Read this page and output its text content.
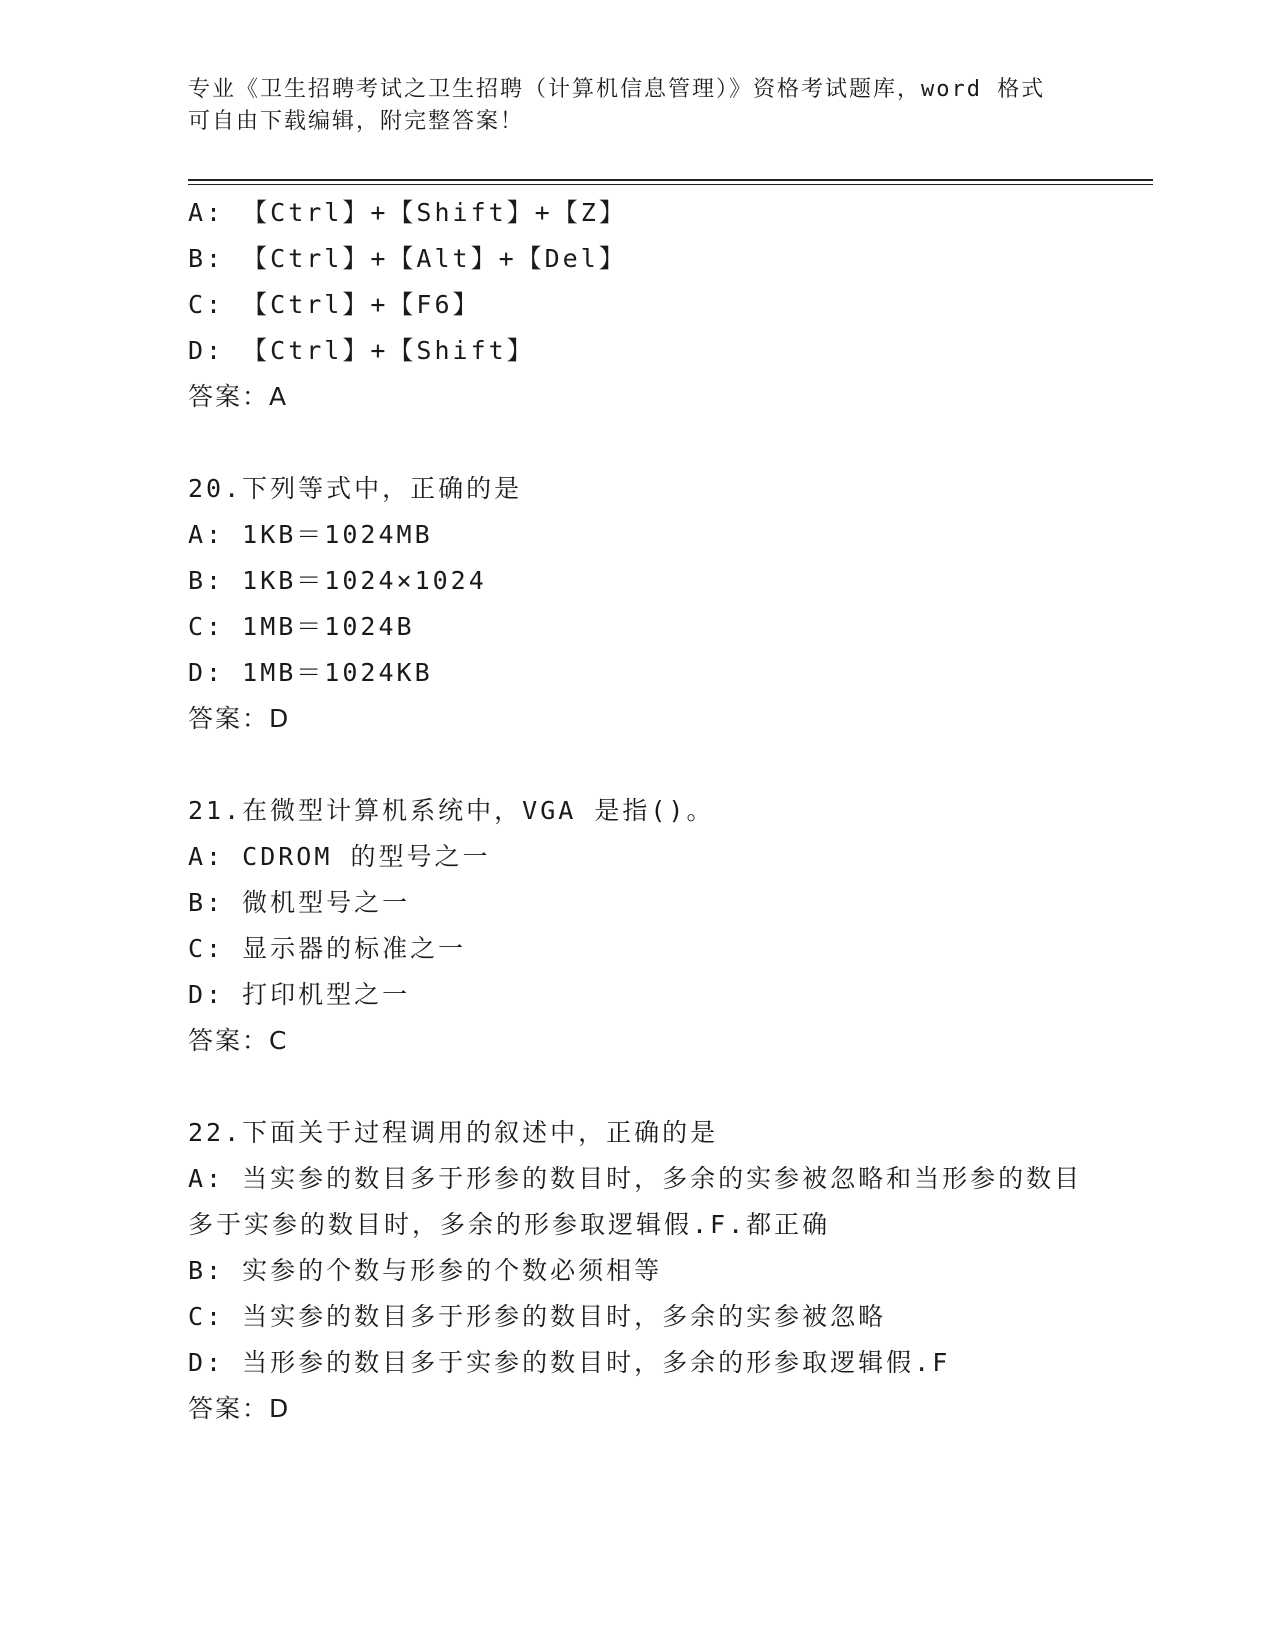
专业《卫生招聘考试之卫生招聘（计算机信息管理）》资格考试题库，word 格式
可自由下载编辑，附完整答案！
A: 【Ctrl】+【Shift】+【Z】
B: 【Ctrl】+【Alt】+【Del】
C: 【Ctrl】+【F6】
D: 【Ctrl】+【Shift】
答案：A
20.下列等式中，正确的是
A: 1KB＝1024MB
B: 1KB＝1024×1024
C: 1MB＝1024B
D: 1MB＝1024KB
答案：D
21.在微型计算机系统中，VGA 是指()。
A: CDROM 的型号之一
B: 微机型号之一
C: 显示器的标准之一
D: 打印机型之一
答案：C
22.下面关于过程调用的叙述中，正确的是
A: 当实参的数目多于形参的数目时，多余的实参被忽略和当形参的数目多于实参的数目时，多余的形参取逻辑假.F.都正确
B: 实参的个数与形参的个数必须相等
C: 当实参的数目多于形参的数目时，多余的实参被忽略
D: 当形参的数目多于实参的数目时，多余的形参取逻辑假.F
答案：D
